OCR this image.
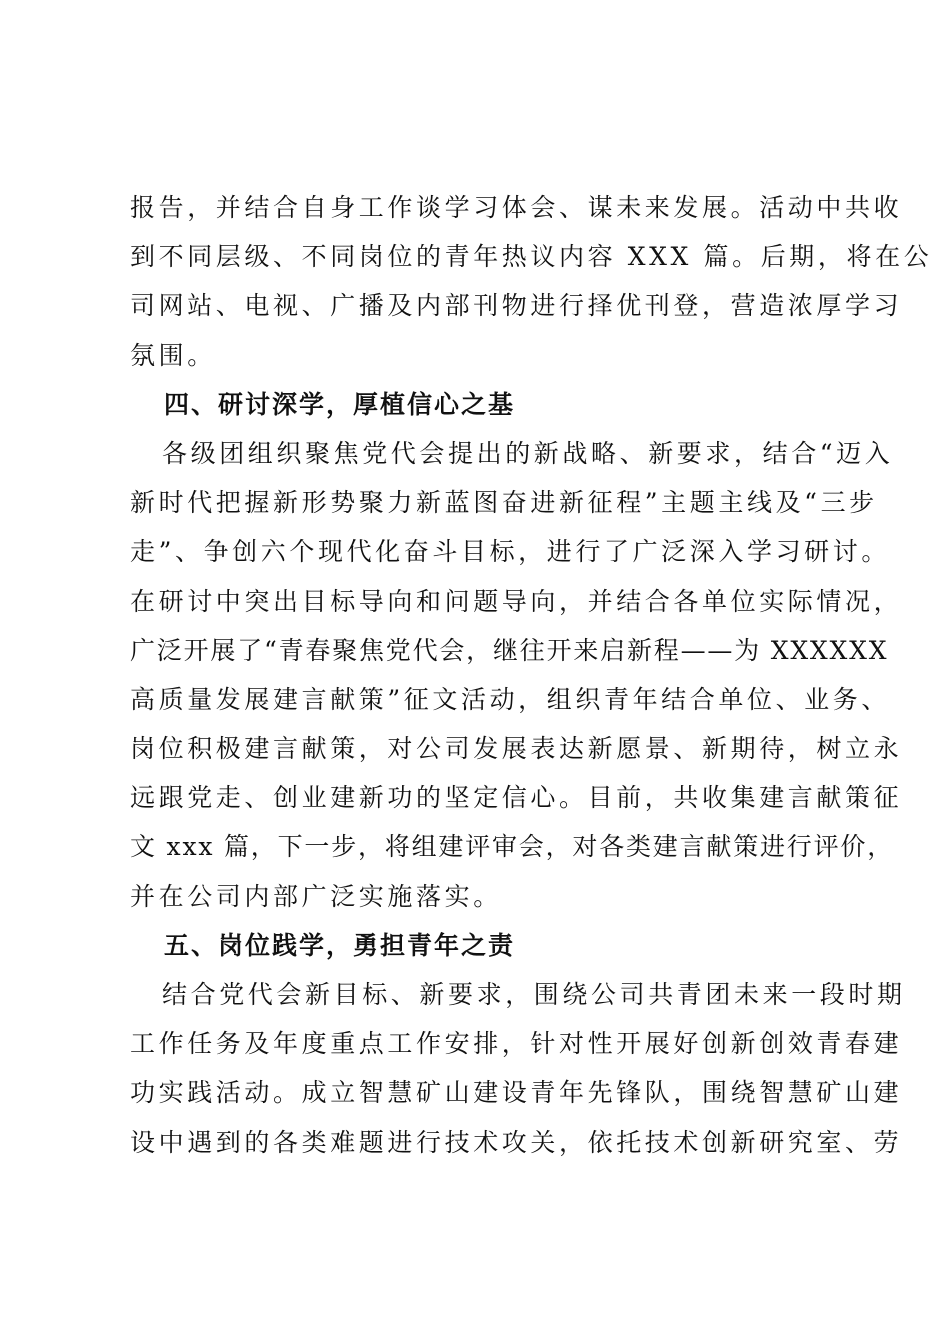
报告，并结合自身工作谈学习体会、谋未来发展。活动中共收
到不同层级、不同岗位的青年热议内容 XXX 篇。后期，将在公
司网站、电视、广播及内部刊物进行择优刊登，营造浓厚学习
氛围。
四、研讨深学，厚植信心之基
各级团组织聚焦党代会提出的新战略、新要求，结合“迈入
新时代把握新形势聚力新蓝图奋进新征程”主题主线及“三步
走”、争创六个现代化奋斗目标，进行了广泛深入学习研讨。
在研讨中突出目标导向和问题导向，并结合各单位实际情况，
广泛开展了“青春聚焦党代会，继往开来启新程——为 XXXXXX
高质量发展建言献策”征文活动，组织青年结合单位、业务、
岗位积极建言献策，对公司发展表达新愿景、新期待，树立永
远跟党走、创业建新功的坚定信心。目前，共收集建言献策征
文 xxx 篇，下一步，将组建评审会，对各类建言献策进行评价，
并在公司内部广泛实施落实。
五、岗位践学，勇担青年之责
结合党代会新目标、新要求，围绕公司共青团未来一段时期
工作任务及年度重点工作安排，针对性开展好创新创效青春建
功实践活动。成立智慧矿山建设青年先锋队，围绕智慧矿山建
设中遇到的各类难题进行技术攻关，依托技术创新研究室、劳
